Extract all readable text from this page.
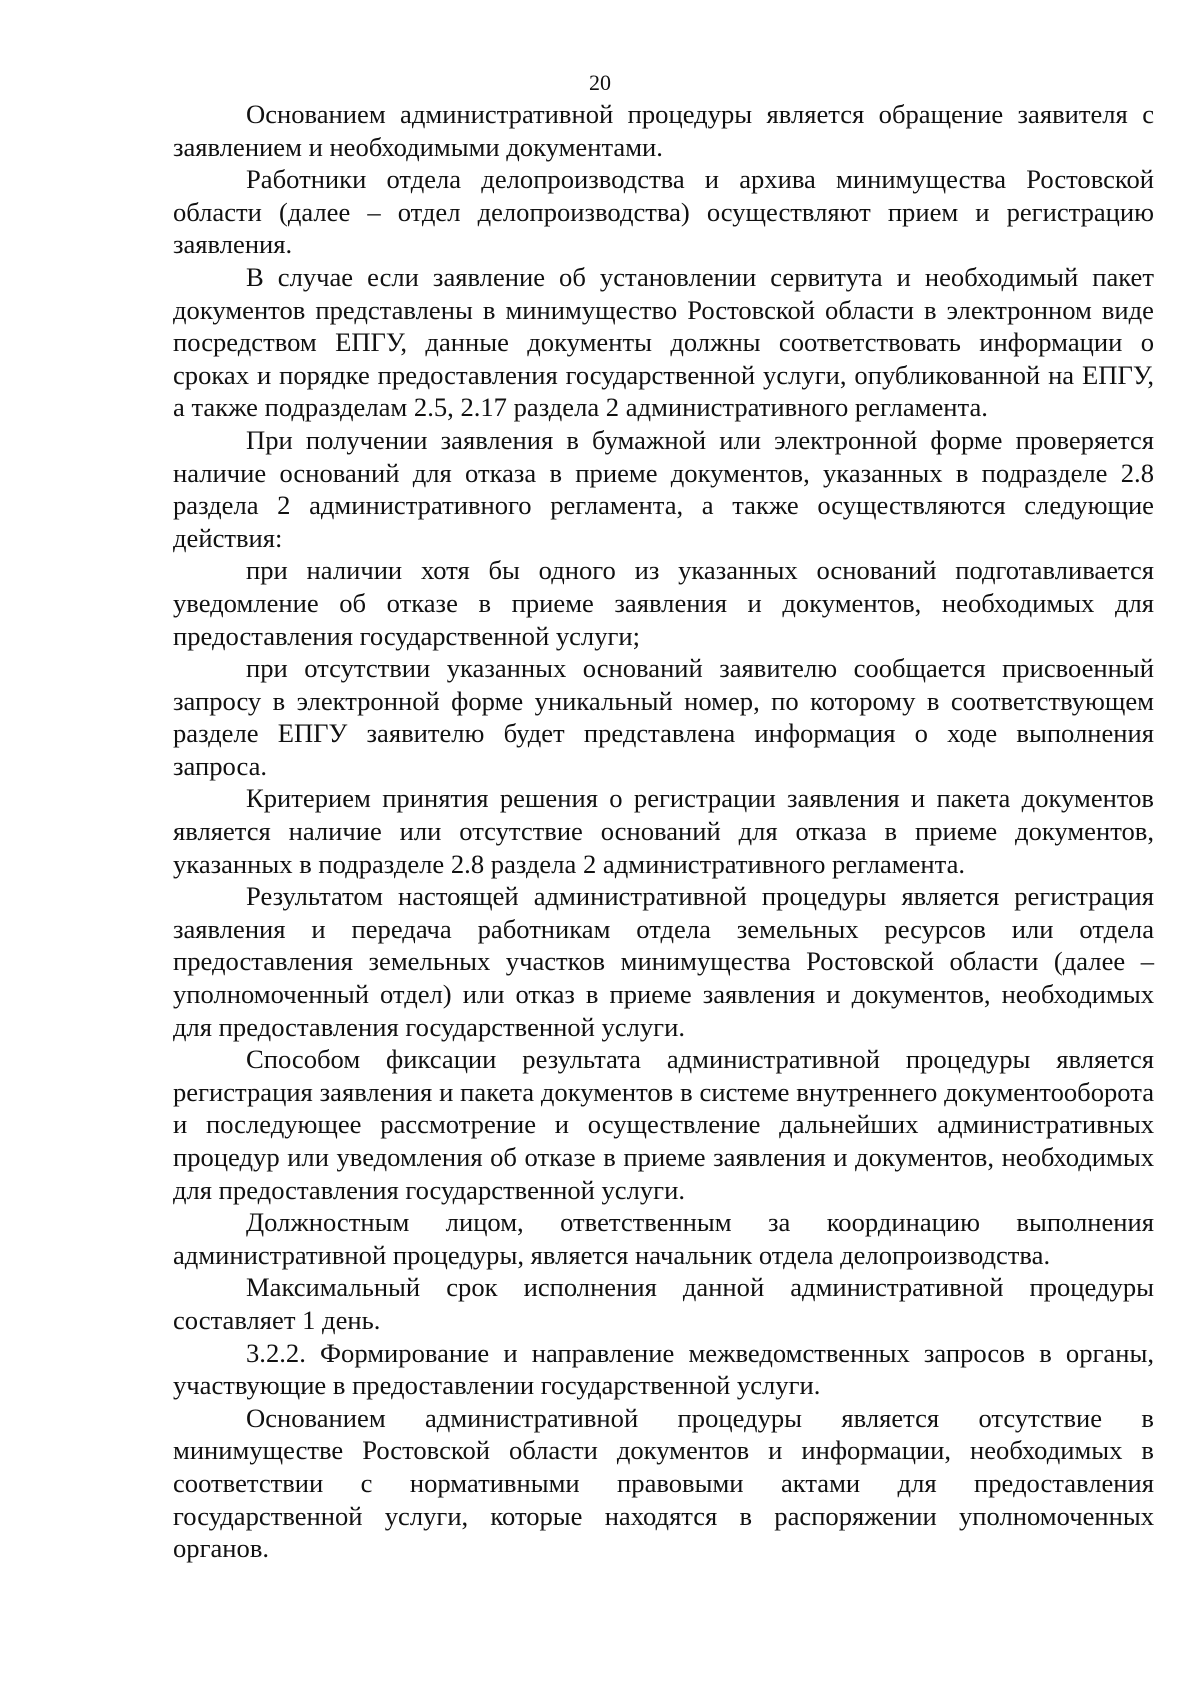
20

Основанием административной процедуры является обращение заявителя с заявлением и необходимыми документами.

Работники отдела делопроизводства и архива минимущества Ростовской области (далее – отдел делопроизводства) осуществляют прием и регистрацию заявления.

В случае если заявление об установлении сервитута и необходимый пакет документов представлены в минимущество Ростовской области в электронном виде посредством ЕПГУ, данные документы должны соответствовать информации о сроках и порядке предоставления государственной услуги, опубликованной на ЕПГУ, а также подразделам 2.5, 2.17 раздела 2 административного регламента.

При получении заявления в бумажной или электронной форме проверяется наличие оснований для отказа в приеме документов, указанных в подразделе 2.8 раздела 2 административного регламента, а также осуществляются следующие действия:

при наличии хотя бы одного из указанных оснований подготавливается уведомление об отказе в приеме заявления и документов, необходимых для предоставления государственной услуги;

при отсутствии указанных оснований заявителю сообщается присвоенный запросу в электронной форме уникальный номер, по которому в соответствующем разделе ЕПГУ заявителю будет представлена информация о ходе выполнения запроса.

Критерием принятия решения о регистрации заявления и пакета документов является наличие или отсутствие оснований для отказа в приеме документов, указанных в подразделе 2.8 раздела 2 административного регламента.

Результатом настоящей административной процедуры является регистрация заявления и передача работникам отдела земельных ресурсов или отдела предоставления земельных участков минимущества Ростовской области (далее – уполномоченный отдел) или отказ в приеме заявления и документов, необходимых для предоставления государственной услуги.

Способом фиксации результата административной процедуры является регистрация заявления и пакета документов в системе внутреннего документооборота и последующее рассмотрение и осуществление дальнейших административных процедур или уведомления об отказе в приеме заявления и документов, необходимых для предоставления государственной услуги.

Должностным лицом, ответственным за координацию выполнения административной процедуры, является начальник отдела делопроизводства.

Максимальный срок исполнения данной административной процедуры составляет 1 день.

3.2.2. Формирование и направление межведомственных запросов в органы, участвующие в предоставлении государственной услуги.

Основанием административной процедуры является отсутствие в минимуществе Ростовской области документов и информации, необходимых в соответствии с нормативными правовыми актами для предоставления государственной услуги, которые находятся в распоряжении уполномоченных органов.
